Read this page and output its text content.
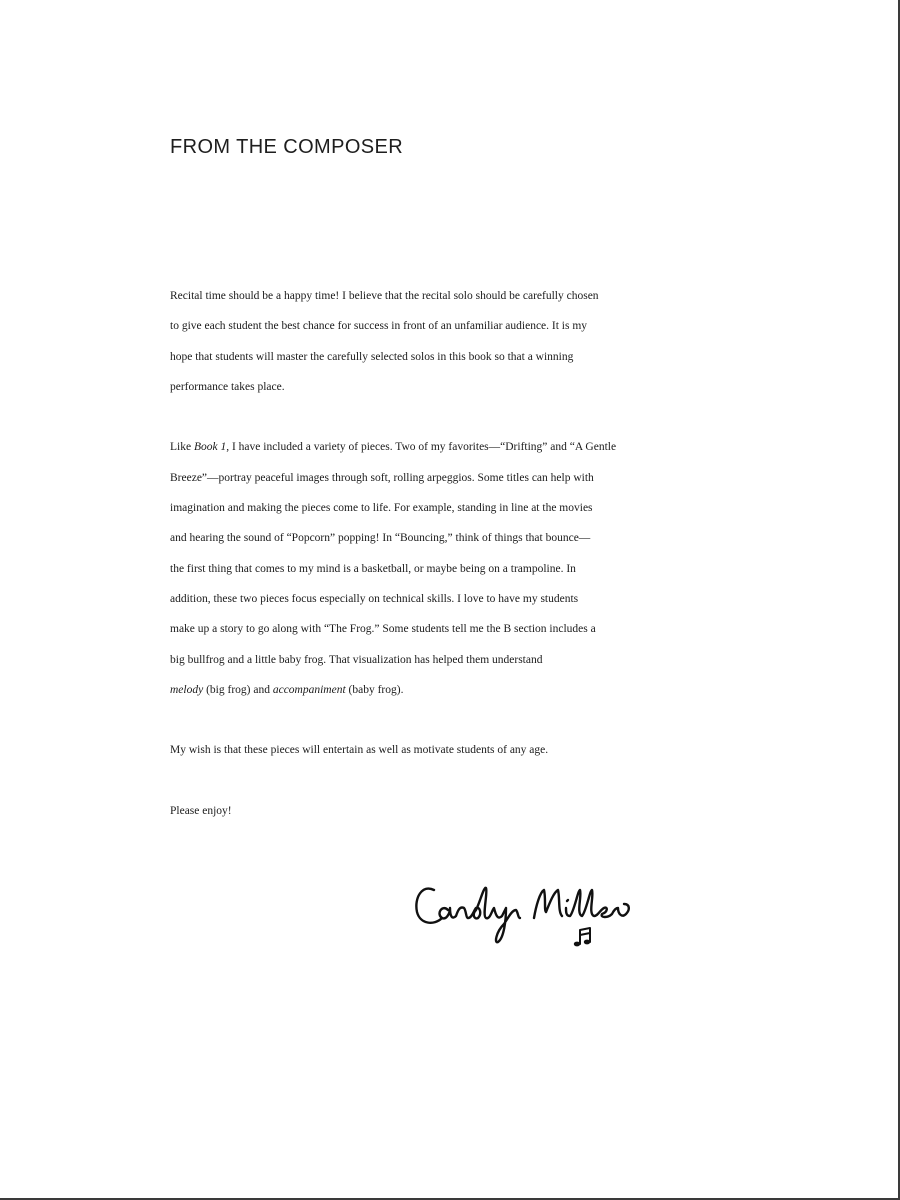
FROM THE COMPOSER

Recital time should be a happy time! I believe that the recital solo should be carefully chosen
to give each student the best chance for success in front of an unfamiliar audience. It is my
hope that students will master the carefully selected solos in this book so that a winning
performance takes place.

Like Book 1, I have included a variety of pieces. Two of my favorites—“Drifting” and “A Gentle
Breeze”—portray peaceful images through soft, rolling arpeggios. Some titles can help with
imagination and making the pieces come to life. For example, standing in line at the movies
and hearing the sound of “Popcorn” popping! In “Bouncing,” think of things that bounce—
the first thing that comes to my mind is a basketball, or maybe being on a trampoline. In
addition, these two pieces focus especially on technical skills. I love to have my students
make up a story to go along with “The Frog.” Some students tell me the B section includes a
big bullfrog and a little baby frog. That visualization has helped them understand
melody (big frog) and accompaniment (baby frog).

My wish is that these pieces will entertain as well as motivate students of any age.

Please enjoy!
